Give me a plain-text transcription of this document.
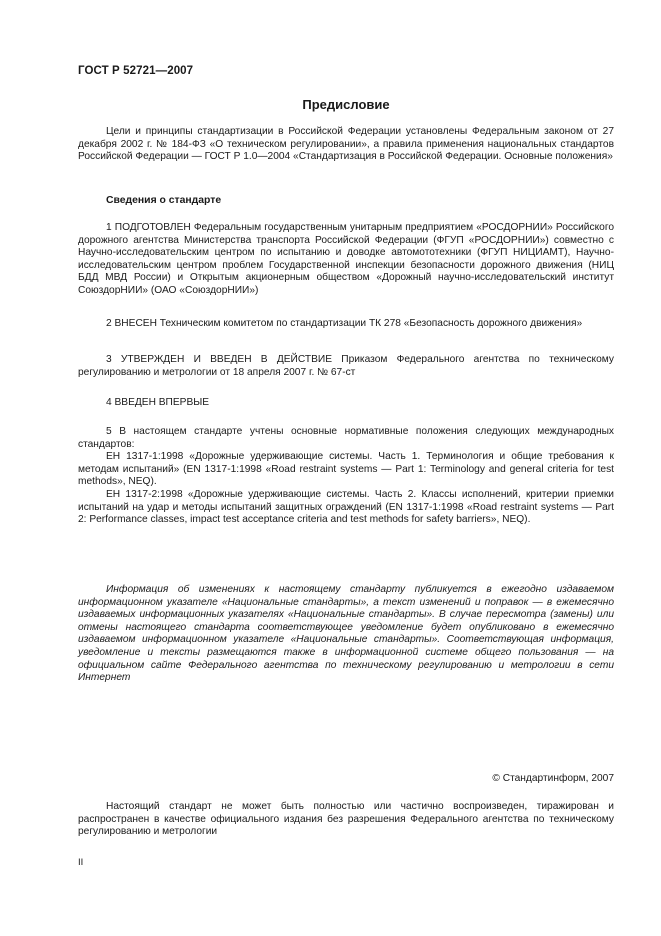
ГОСТ Р 52721—2007
Предисловие

Цели и принципы стандартизации в Российской Федерации установлены Федеральным законом от 27 декабря 2002 г. № 184-ФЗ «О техническом регулировании», а правила применения национальных стандартов Российской Федерации — ГОСТ Р 1.0—2004 «Стандартизация в Российской Федерации. Основные положения»

Сведения о стандарте

1 ПОДГОТОВЛЕН Федеральным государственным унитарным предприятием «РОСДОРНИИ» Российского дорожного агентства Министерства транспорта Российской Федерации (ФГУП «РОСДОРНИИ») совместно с Научно-исследовательским центром по испытанию и доводке автомототехники (ФГУП НИЦИАМТ), Научно-исследовательским центром проблем Государственной инспекции безопасности дорожного движения (НИЦ БДД МВД России) и Открытым акционерным обществом «Дорожный научно-исследовательский институт СоюздорНИИ» (ОАО «СоюздорНИИ»)

2 ВНЕСЕН Техническим комитетом по стандартизации ТК 278 «Безопасность дорожного движения»

3 УТВЕРЖДЕН И ВВЕДЕН В ДЕЙСТВИЕ Приказом Федерального агентства по техническому регулированию и метрологии от 18 апреля 2007 г. № 67-ст

4 ВВЕДЕН ВПЕРВЫЕ

5 В настоящем стандарте учтены основные нормативные положения следующих международных стандартов:

ЕН 1317-1:1998 «Дорожные удерживающие системы. Часть 1. Терминология и общие требования к методам испытаний» (EN 1317-1:1998 «Road restraint systems — Part 1: Terminology and general criteria for test methods», NEQ).

ЕН 1317-2:1998 «Дорожные удерживающие системы. Часть 2. Классы исполнений, критерии приемки испытаний на удар и методы испытаний защитных ограждений (EN 1317-1:1998 «Road restraint systems — Part 2: Performance classes, impact test acceptance criteria and test methods for safety barriers», NEQ).

Информация об изменениях к настоящему стандарту публикуется в ежегодно издаваемом информационном указателе «Национальные стандарты», а текст изменений и поправок — в ежемесячно издаваемых информационных указателях «Национальные стандарты». В случае пересмотра (замены) или отмены настоящего стандарта соответствующее уведомление будет опубликовано в ежемесячно издаваемом информационном указателе «Национальные стандарты». Соответствующая информация, уведомление и тексты размещаются также в информационной системе общего пользования — на официальном сайте Федерального агентства по техническому регулированию и метрологии в сети Интернет

© Стандартинформ, 2007

Настоящий стандарт не может быть полностью или частично воспроизведен, тиражирован и распространен в качестве официального издания без разрешения Федерального агентства по техническому регулированию и метрологии

II
